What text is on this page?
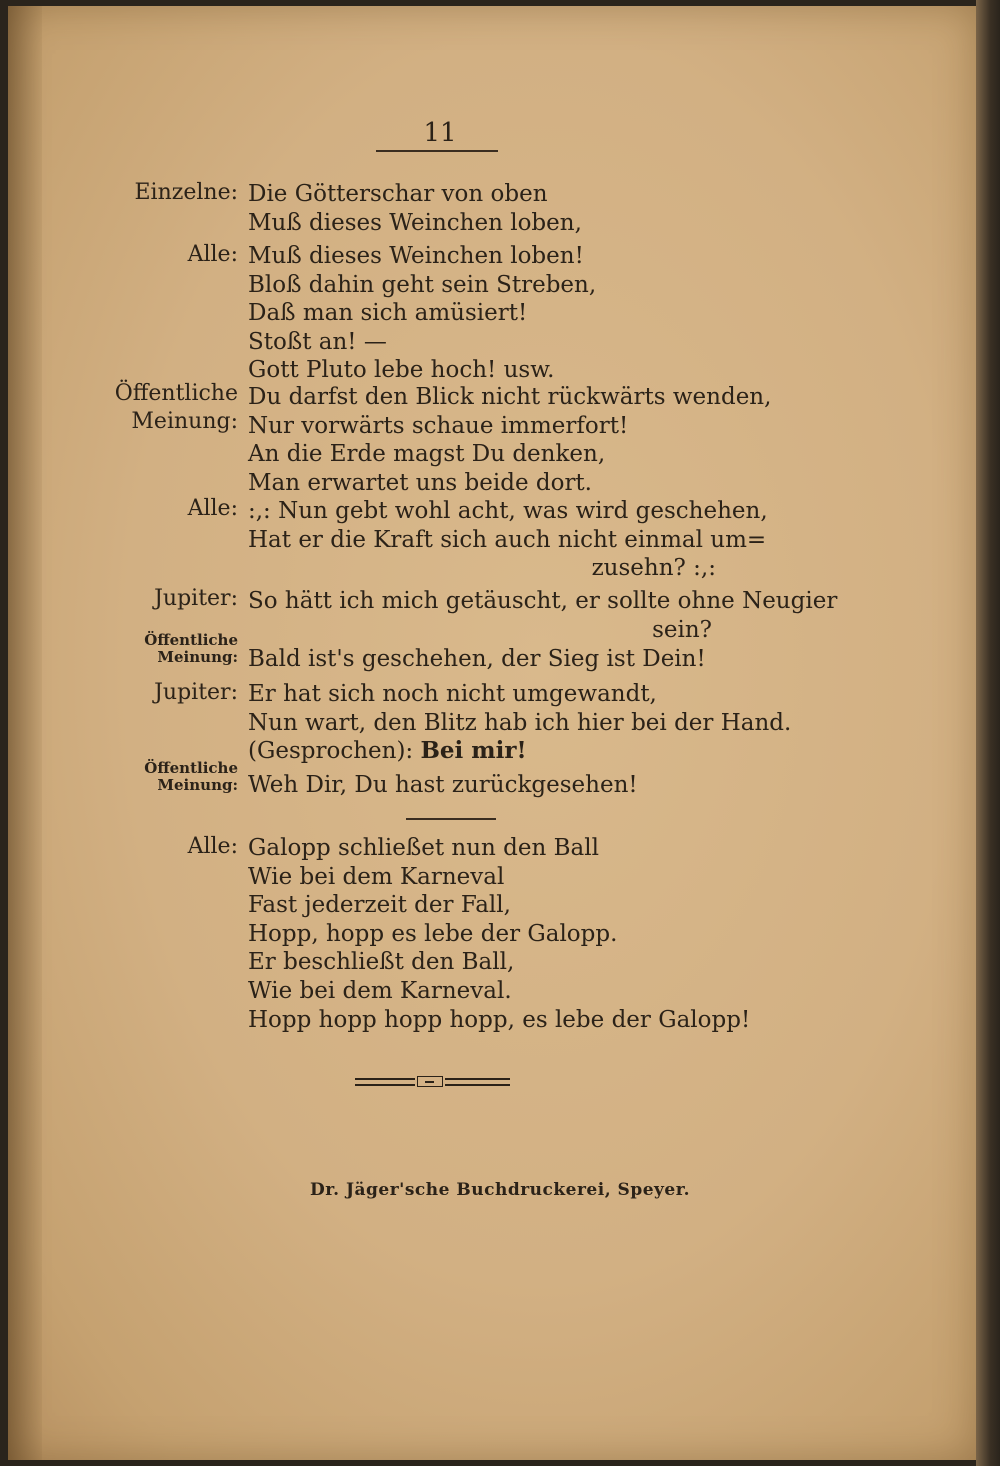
11
Einzelne: Die Götterschar von oben
Muß dieses Weinchen loben,
Alle: Muß dieses Weinchen loben!
Bloß dahin geht sein Streben,
Daß man sich amüsiert!
Stoßt an! —
Gott Pluto lebe hoch! usw.
Öffentliche
Meinung:
Du darfst den Blick nicht rückwärts wenden,
Nur vorwärts schaue immerfort!
An die Erde magst Du denken,
Man erwartet uns beide dort.
Alle: :,: Nun gebt wohl acht, was wird geschehen,
Hat er die Kraft sich auch nicht einmal um=
zusehn? :,:
Jupiter: So hätt ich mich getäuscht, er sollte ohne Neugier
sein?
Öffentliche
Meinung: Bald ist's geschehen, der Sieg ist Dein!
Jupiter: Er hat sich noch nicht umgewandt,
Nun wart, den Blitz hab ich hier bei der Hand.
(Gesprochen): Bei mir!
Öffentliche
Meinung: Weh Dir, Du hast zurückgesehen!
Alle: Galopp schließet nun den Ball
Wie bei dem Karneval
Fast jederzeit der Fall,
Hopp, hopp es lebe der Galopp.
Er beschließt den Ball,
Wie bei dem Karneval.
Hopp hopp hopp hopp, es lebe der Galopp!
Dr. Jäger'sche Buchdruckerei, Speyer.
